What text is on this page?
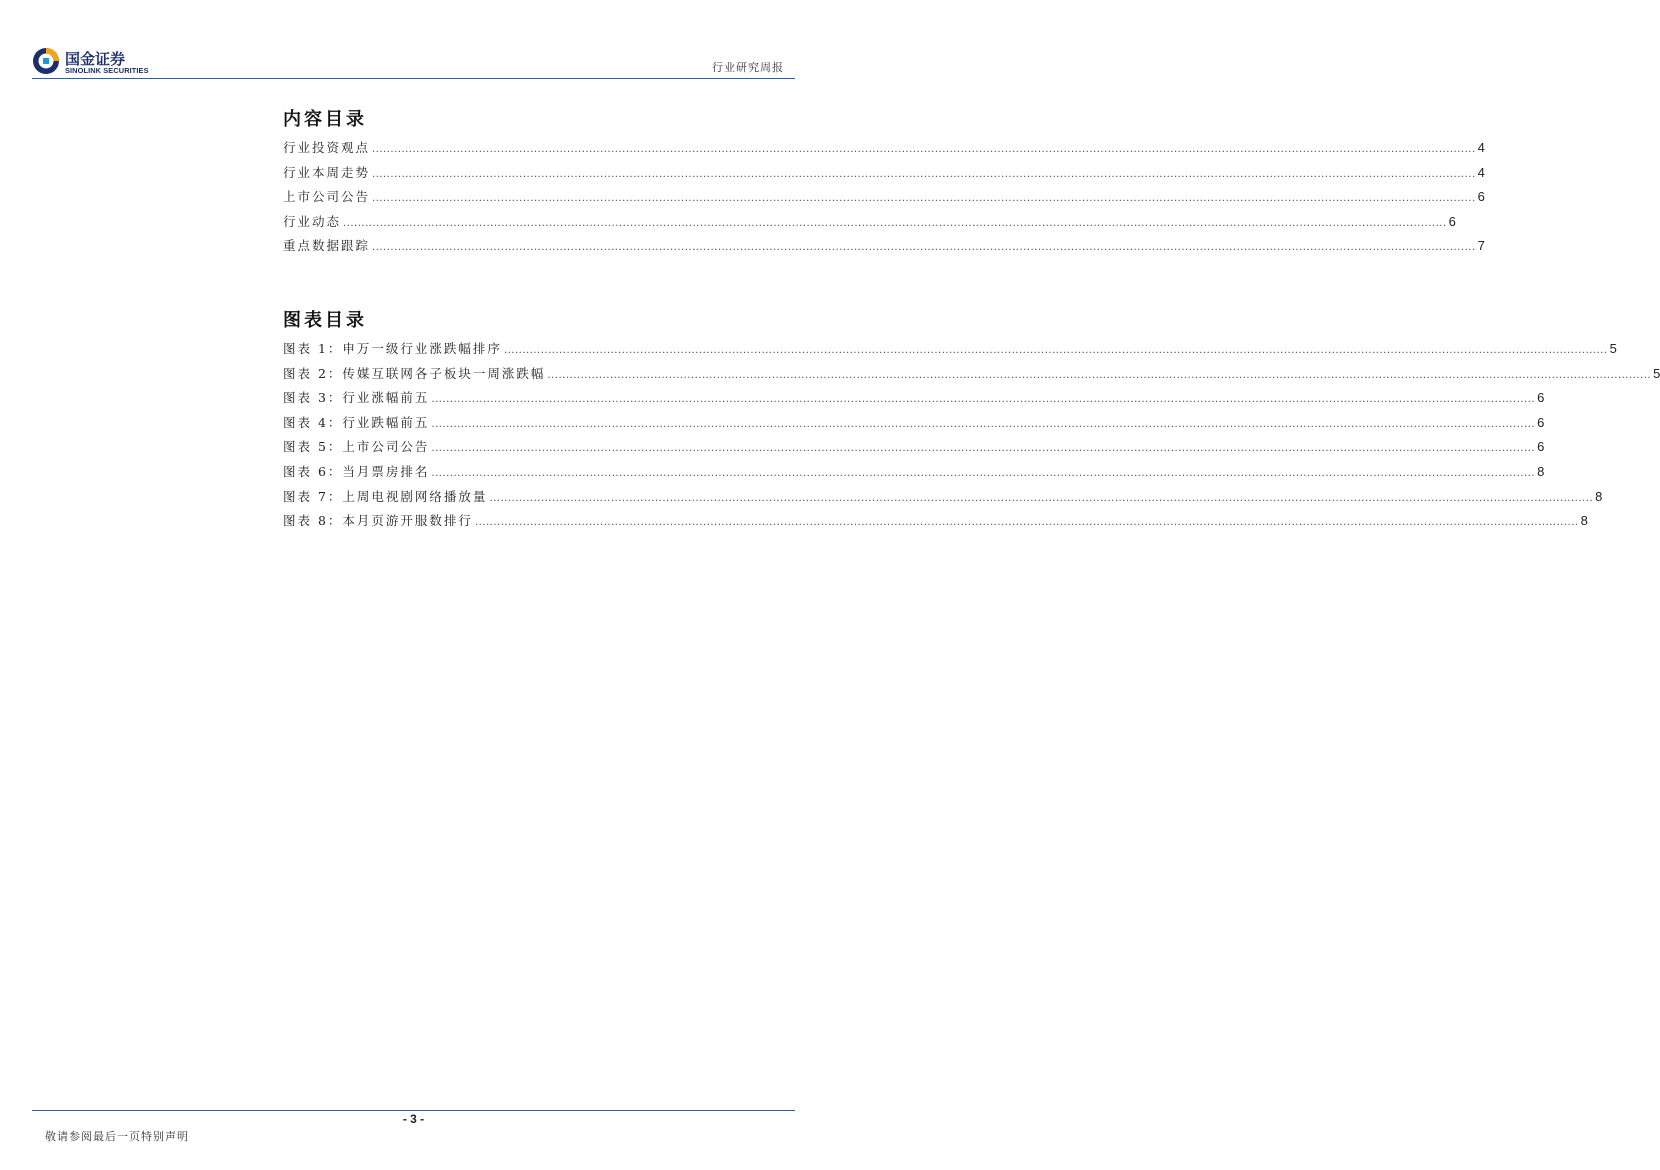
国金证券
SINOLINK SECURITIES	行业研究周报
内容目录
行业投资观点 ............................................................................................................................................................................................................................................................................................................ 4
行业本周走势 ............................................................................................................................................................................................................................................................................................................ 4
上市公司公告 ............................................................................................................................................................................................................................................................................................................ 6
行业动态 ............................................................................................................................................................................................................................................................................................................ 6
重点数据跟踪 ............................................................................................................................................................................................................................................................................................................ 7
图表目录
图表 1：申万一级行业涨跌幅排序 ............................................................................................................................................................................................................................................................................................................ 5
图表 2：传媒互联网各子板块一周涨跌幅 ............................................................................................................................................................................................................................................................................................................ 5
图表 3：行业涨幅前五 ............................................................................................................................................................................................................................................................................................................ 6
图表 4：行业跌幅前五 ............................................................................................................................................................................................................................................................................................................ 6
图表 5：上市公司公告 ............................................................................................................................................................................................................................................................................................................ 6
图表 6：当月票房排名 ............................................................................................................................................................................................................................................................................................................ 8
图表 7：上周电视剧网络播放量 ............................................................................................................................................................................................................................................................................................................ 8
图表 8：本月页游开服数排行 ............................................................................................................................................................................................................................................................................................................ 8
- 3 -
敬请参阅最后一页特别声明
